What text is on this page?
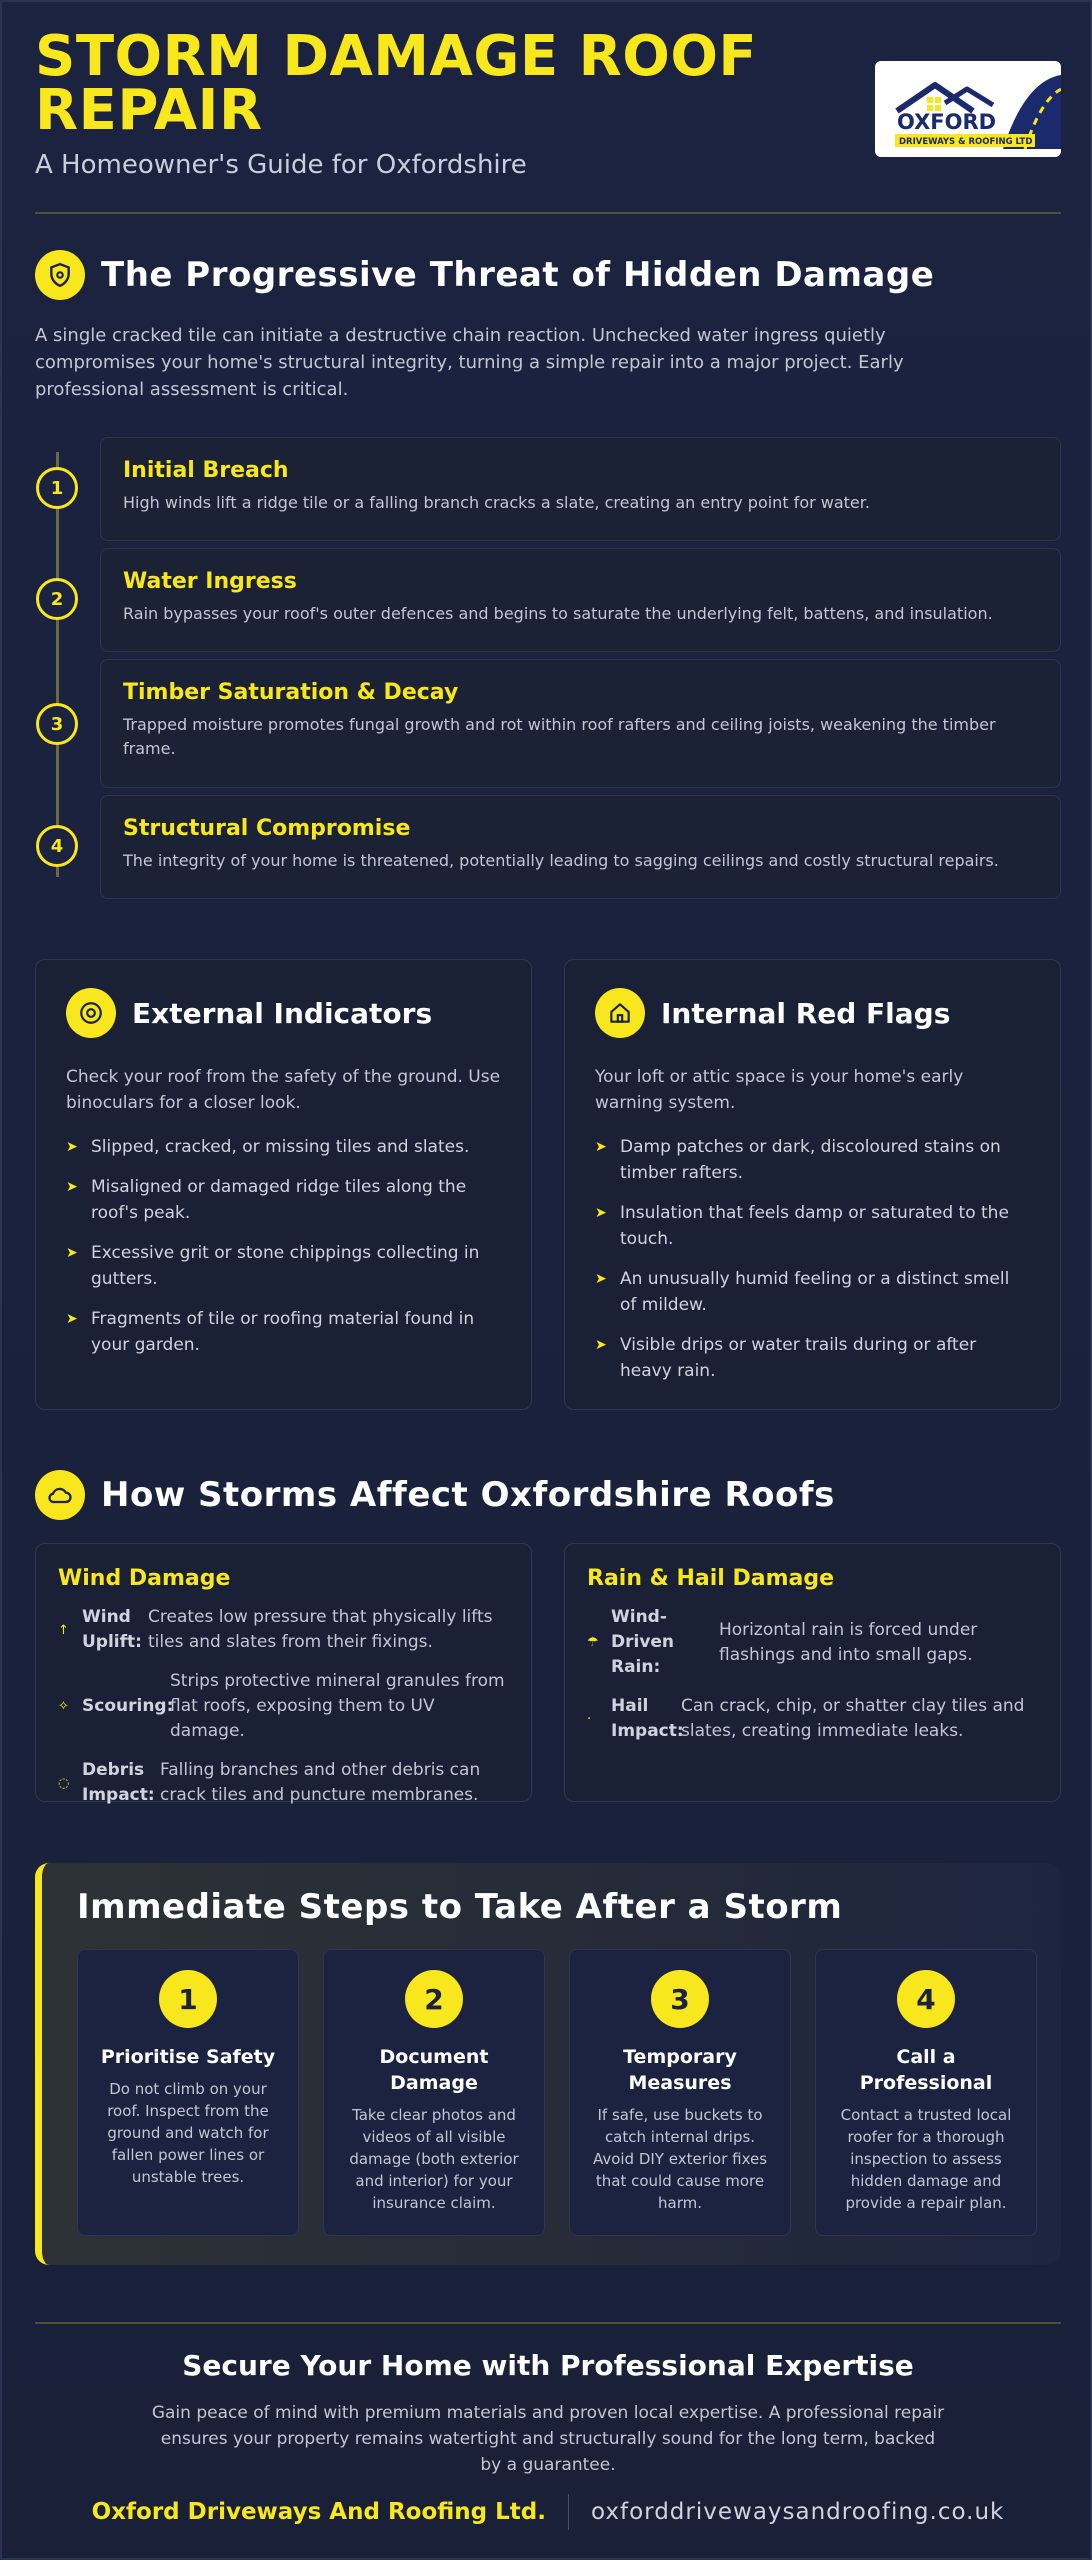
STORM DAMAGE ROOF REPAIR
A Homeowner's Guide for Oxfordshire
OXFORD
DRIVEWAYS & ROOFING LTD
The Progressive Threat of Hidden Damage

A single cracked tile can initiate a destructive chain reaction. Unchecked water ingress quietly compromises your home's structural integrity, turning a simple repair into a major project. Early professional assessment is critical.

1
Initial Breach

High winds lift a ridge tile or a falling branch cracks a slate, creating an entry point for water.

2
Water Ingress

Rain bypasses your roof's outer defences and begins to saturate the underlying felt, battens, and insulation.

3
Timber Saturation & Decay

Trapped moisture promotes fungal growth and rot within roof rafters and ceiling joists, weakening the timber frame.

4
Structural Compromise

The integrity of your home is threatened, potentially leading to sagging ceilings and costly structural repairs.

External Indicators

Check your roof from the safety of the ground. Use binoculars for a closer look.

➤ Slipped, cracked, or missing tiles and slates.
➤ Misaligned or damaged ridge tiles along the roof's peak.
➤ Excessive grit or stone chippings collecting in gutters.
➤ Fragments of tile or roofing material found in your garden.
Internal Red Flags

Your loft or attic space is your home's early warning system.

➤ Damp patches or dark, discoloured stains on timber rafters.
➤ Insulation that feels damp or saturated to the touch.
➤ An unusually humid feeling or a distinct smell of mildew.
➤ Visible drips or water trails during or after heavy rain.
How Storms Affect Oxfordshire Roofs
Wind Damage
↑
Wind Uplift:
Creates low pressure that physically lifts tiles and slates from their fixings.
✧ Scouring:
Strips protective mineral granules from flat roofs, exposing them to UV damage.
◌
Debris Impact:
Falling branches and other debris can crack tiles and puncture membranes.
Rain & Hail Damage
☂
Wind-Driven Rain:
Horizontal rain is forced under flashings and into small gaps.
·
Hail Impact:
Can crack, chip, or shatter clay tiles and slates, creating immediate leaks.
Immediate Steps to Take After a Storm
1
Prioritise Safety

Do not climb on your roof. Inspect from the ground and watch for fallen power lines or unstable trees.

2
Document Damage

Take clear photos and videos of all visible damage (both exterior and interior) for your insurance claim.

3
Temporary Measures

If safe, use buckets to catch internal drips. Avoid DIY exterior fixes that could cause more harm.

4
Call a Professional

Contact a trusted local roofer for a thorough inspection to assess hidden damage and provide a repair plan.

Secure Your Home with Professional Expertise

Gain peace of mind with premium materials and proven local expertise. A professional repair ensures your property remains watertight and structurally sound for the long term, backed by a guarantee.

Oxford Driveways And Roofing Ltd. oxforddrivewaysandroofing.co.uk
